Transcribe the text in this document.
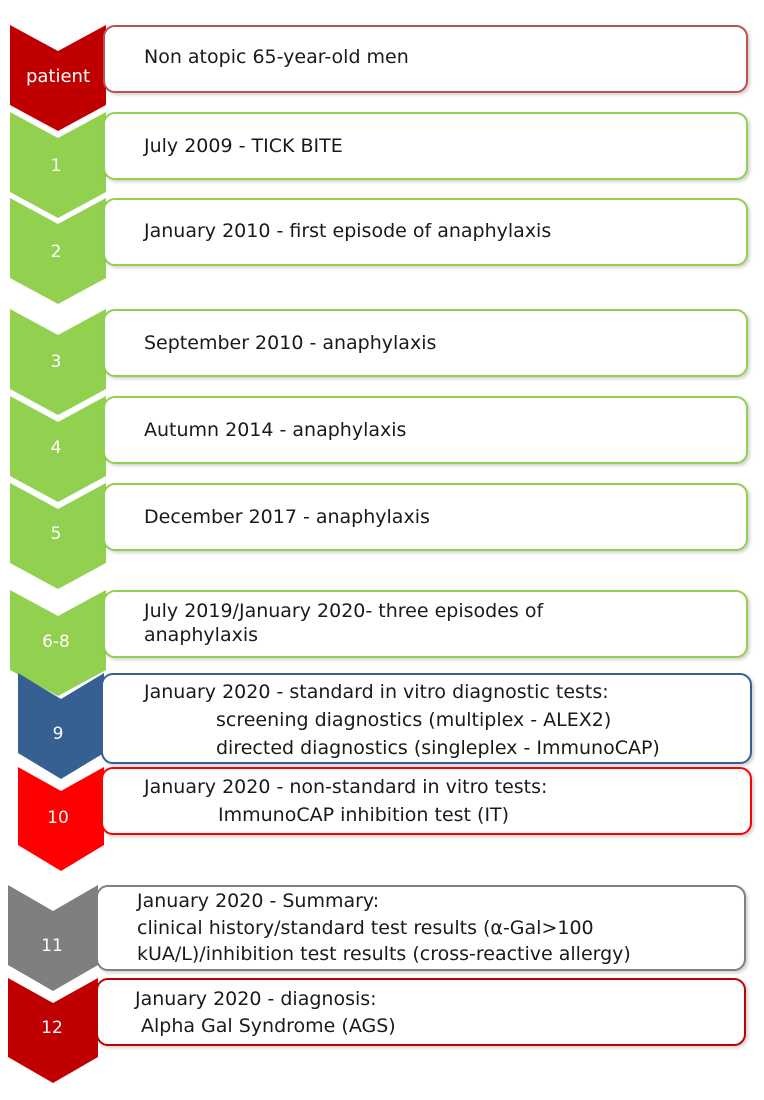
patient
Non atopic 65-year-old men
1
July 2009 - TICK BITE
2
January 2010 - first episode of anaphylaxis
3
September 2010 - anaphylaxis
4
Autumn 2014 - anaphylaxis
5
December 2017 - anaphylaxis
6-8
July 2019/January 2020- three episodes of
anaphylaxis
9
January 2020 - standard in vitro diagnostic tests:
screening diagnostics (multiplex - ALEX2)
directed diagnostics (singleplex - ImmunoCAP)
10
January 2020 - non-standard in vitro tests:
ImmunoCAP inhibition test (IT)
11
January 2020 - Summary:
clinical history/standard test results (α-Gal>100
kUA/L)/inhibition test results (cross-reactive allergy)
12
January 2020 - diagnosis:
Alpha Gal Syndrome (AGS)
